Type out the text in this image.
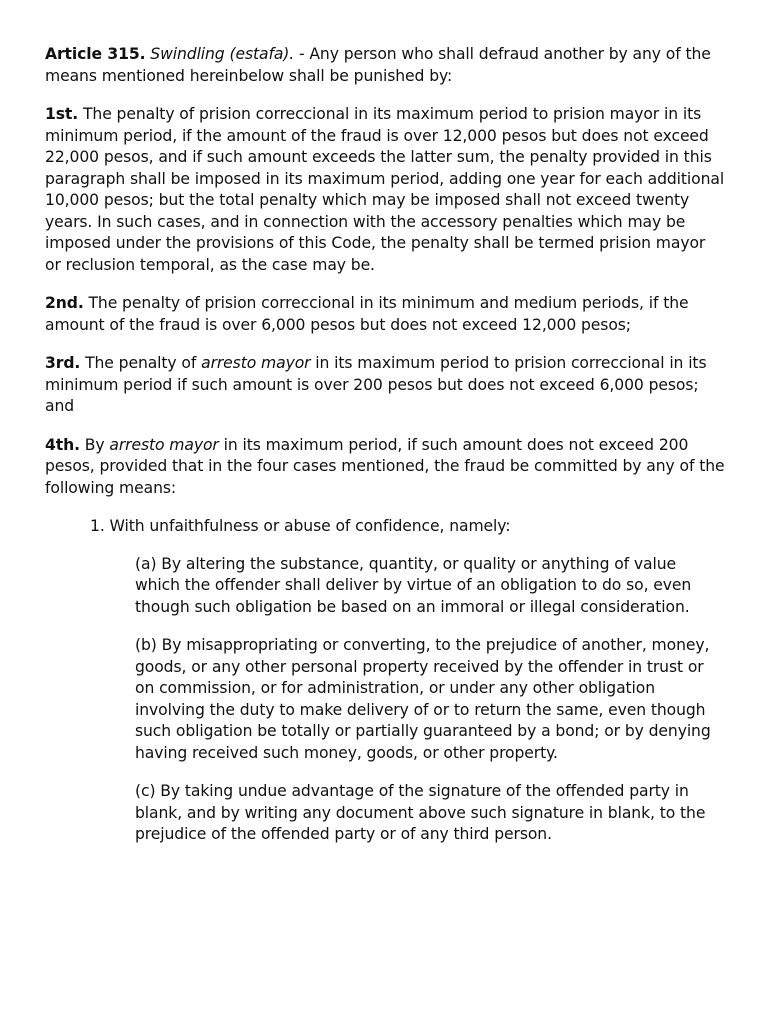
Article 315. Swindling (estafa). - Any person who shall defraud another by any of the means mentioned hereinbelow shall be punished by:

1st. The penalty of prision correccional in its maximum period to prision mayor in its minimum period, if the amount of the fraud is over 12,000 pesos but does not exceed 22,000 pesos, and if such amount exceeds the latter sum, the penalty provided in this paragraph shall be imposed in its maximum period, adding one year for each additional 10,000 pesos; but the total penalty which may be imposed shall not exceed twenty years. In such cases, and in connection with the accessory penalties which may be imposed under the provisions of this Code, the penalty shall be termed prision mayor or reclusion temporal, as the case may be.

2nd. The penalty of prision correccional in its minimum and medium periods, if the amount of the fraud is over 6,000 pesos but does not exceed 12,000 pesos;

3rd. The penalty of arresto mayor in its maximum period to prision correccional in its minimum period if such amount is over 200 pesos but does not exceed 6,000 pesos; and

4th. By arresto mayor in its maximum period, if such amount does not exceed 200 pesos, provided that in the four cases mentioned, the fraud be committed by any of the following means:

1. With unfaithfulness or abuse of confidence, namely:

(a) By altering the substance, quantity, or quality or anything of value which the offender shall deliver by virtue of an obligation to do so, even though such obligation be based on an immoral or illegal consideration.

(b) By misappropriating or converting, to the prejudice of another, money, goods, or any other personal property received by the offender in trust or on commission, or for administration, or under any other obligation involving the duty to make delivery of or to return the same, even though such obligation be totally or partially guaranteed by a bond; or by denying having received such money, goods, or other property.

(c) By taking undue advantage of the signature of the offended party in blank, and by writing any document above such signature in blank, to the prejudice of the offended party or of any third person.
